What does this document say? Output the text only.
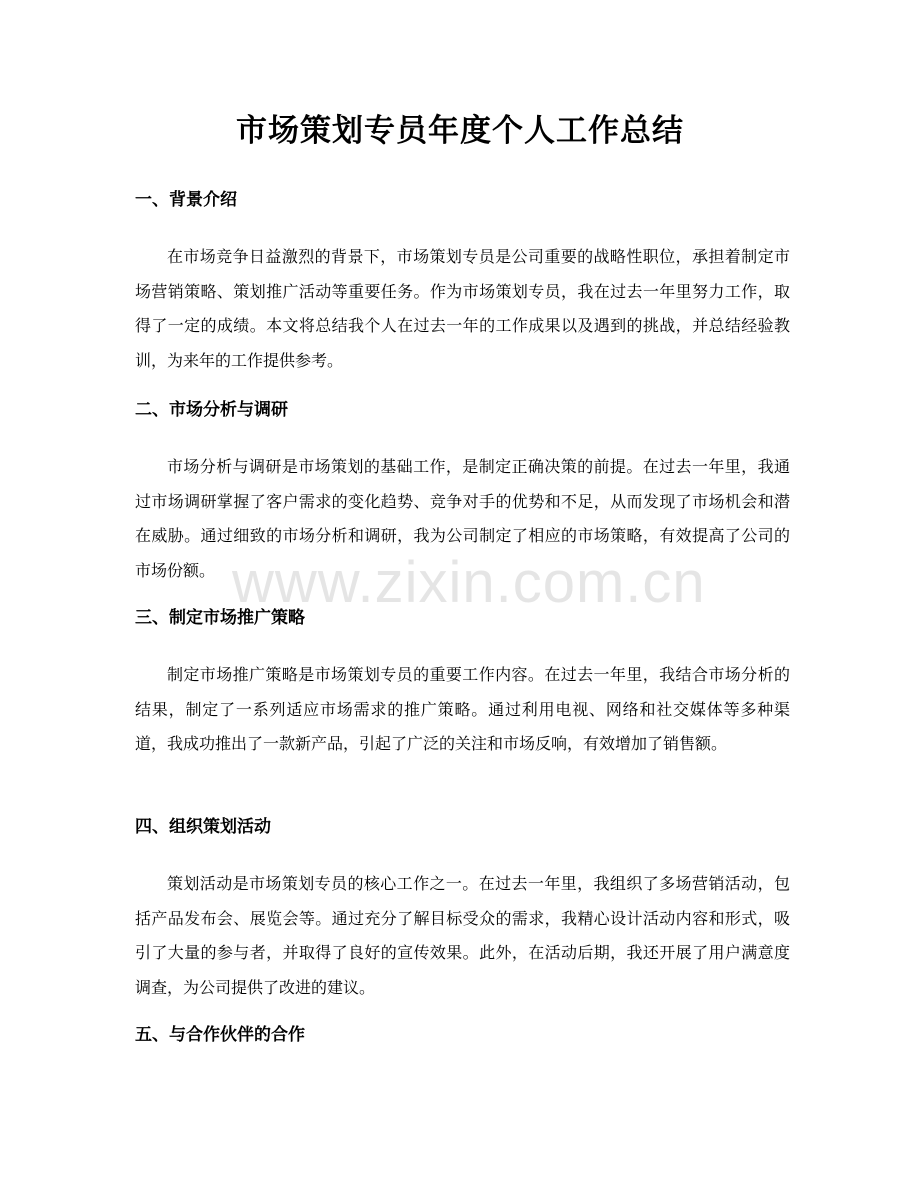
市场策划专员年度个人工作总结
一、背景介绍

在市场竞争日益激烈的背景下，市场策划专员是公司重要的战略性职位，承担着制定市场营销策略、策划推广活动等重要任务。作为市场策划专员，我在过去一年里努力工作，取得了一定的成绩。本文将总结我个人在过去一年的工作成果以及遇到的挑战，并总结经验教训，为来年的工作提供参考。

二、市场分析与调研

市场分析与调研是市场策划的基础工作，是制定正确决策的前提。在过去一年里，我通过市场调研掌握了客户需求的变化趋势、竞争对手的优势和不足，从而发现了市场机会和潜在威胁。通过细致的市场分析和调研，我为公司制定了相应的市场策略，有效提高了公司的市场份额。

三、制定市场推广策略

制定市场推广策略是市场策划专员的重要工作内容。在过去一年里，我结合市场分析的结果，制定了一系列适应市场需求的推广策略。通过利用电视、网络和社交媒体等多种渠道，我成功推出了一款新产品，引起了广泛的关注和市场反响，有效增加了销售额。

四、组织策划活动

策划活动是市场策划专员的核心工作之一。在过去一年里，我组织了多场营销活动，包括产品发布会、展览会等。通过充分了解目标受众的需求，我精心设计活动内容和形式，吸引了大量的参与者，并取得了良好的宣传效果。此外，在活动后期，我还开展了用户满意度调查，为公司提供了改进的建议。

五、与合作伙伴的合作
www.zixin.com.cn
